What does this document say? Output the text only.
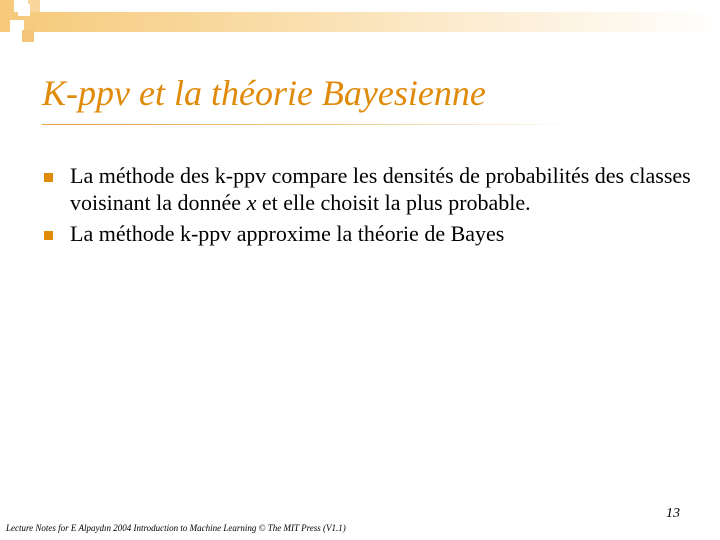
K-ppv et la théorie Bayesienne
La méthode des k-ppv compare les densités de probabilités des classes voisinant la donnée x et elle choisit la plus probable.
La méthode k-ppv approxime la théorie de Bayes
13
Lecture Notes for E Alpaydın 2004 Introduction to Machine Learning © The MIT Press (V1.1)
